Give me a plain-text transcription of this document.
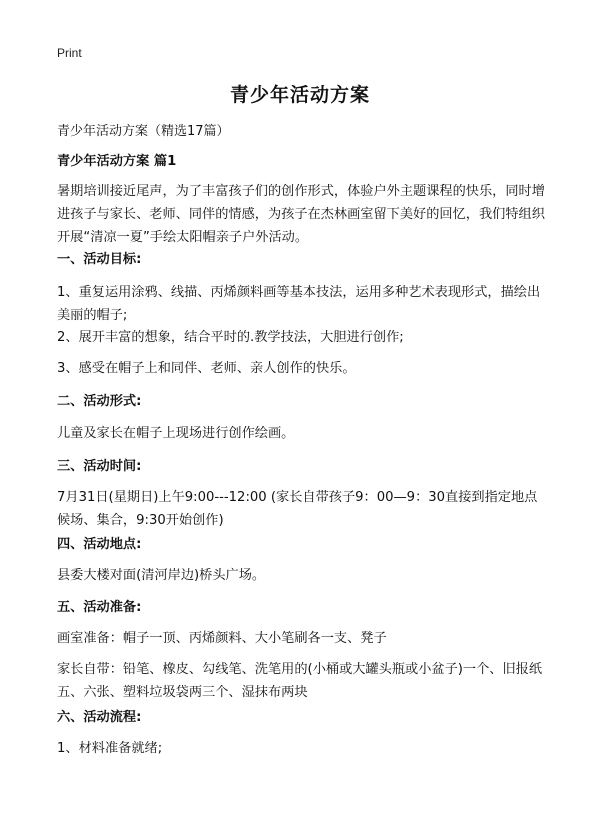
Print
青少年活动方案
青少年活动方案（精选17篇）
青少年活动方案 篇1
暑期培训接近尾声，为了丰富孩子们的创作形式，体验户外主题课程的快乐，同时增进孩子与家长、老师、同伴的情感，为孩子在杰林画室留下美好的回忆，我们特组织开展“清凉一夏”手绘太阳帽亲子户外活动。
一、活动目标:
1、重复运用涂鸦、线描、丙烯颜料画等基本技法，运用多种艺术表现形式，描绘出美丽的帽子;
2、展开丰富的想象，结合平时的.教学技法，大胆进行创作;
3、感受在帽子上和同伴、老师、亲人创作的快乐。
二、活动形式:
儿童及家长在帽子上现场进行创作绘画。
三、活动时间:
7月31日(星期日)上午9:00---12:00 (家长自带孩子9：00—9：30直接到指定地点候场、集合，9:30开始创作)
四、活动地点:
县委大楼对面(清河岸边)桥头广场。
五、活动准备:
画室准备：帽子一顶、丙烯颜料、大小笔刷各一支、凳子
家长自带：铅笔、橡皮、勾线笔、洗笔用的(小桶或大罐头瓶或小盆子)一个、旧报纸五、六张、塑料垃圾袋两三个、湿抹布两块
六、活动流程:
1、材料准备就绪;
